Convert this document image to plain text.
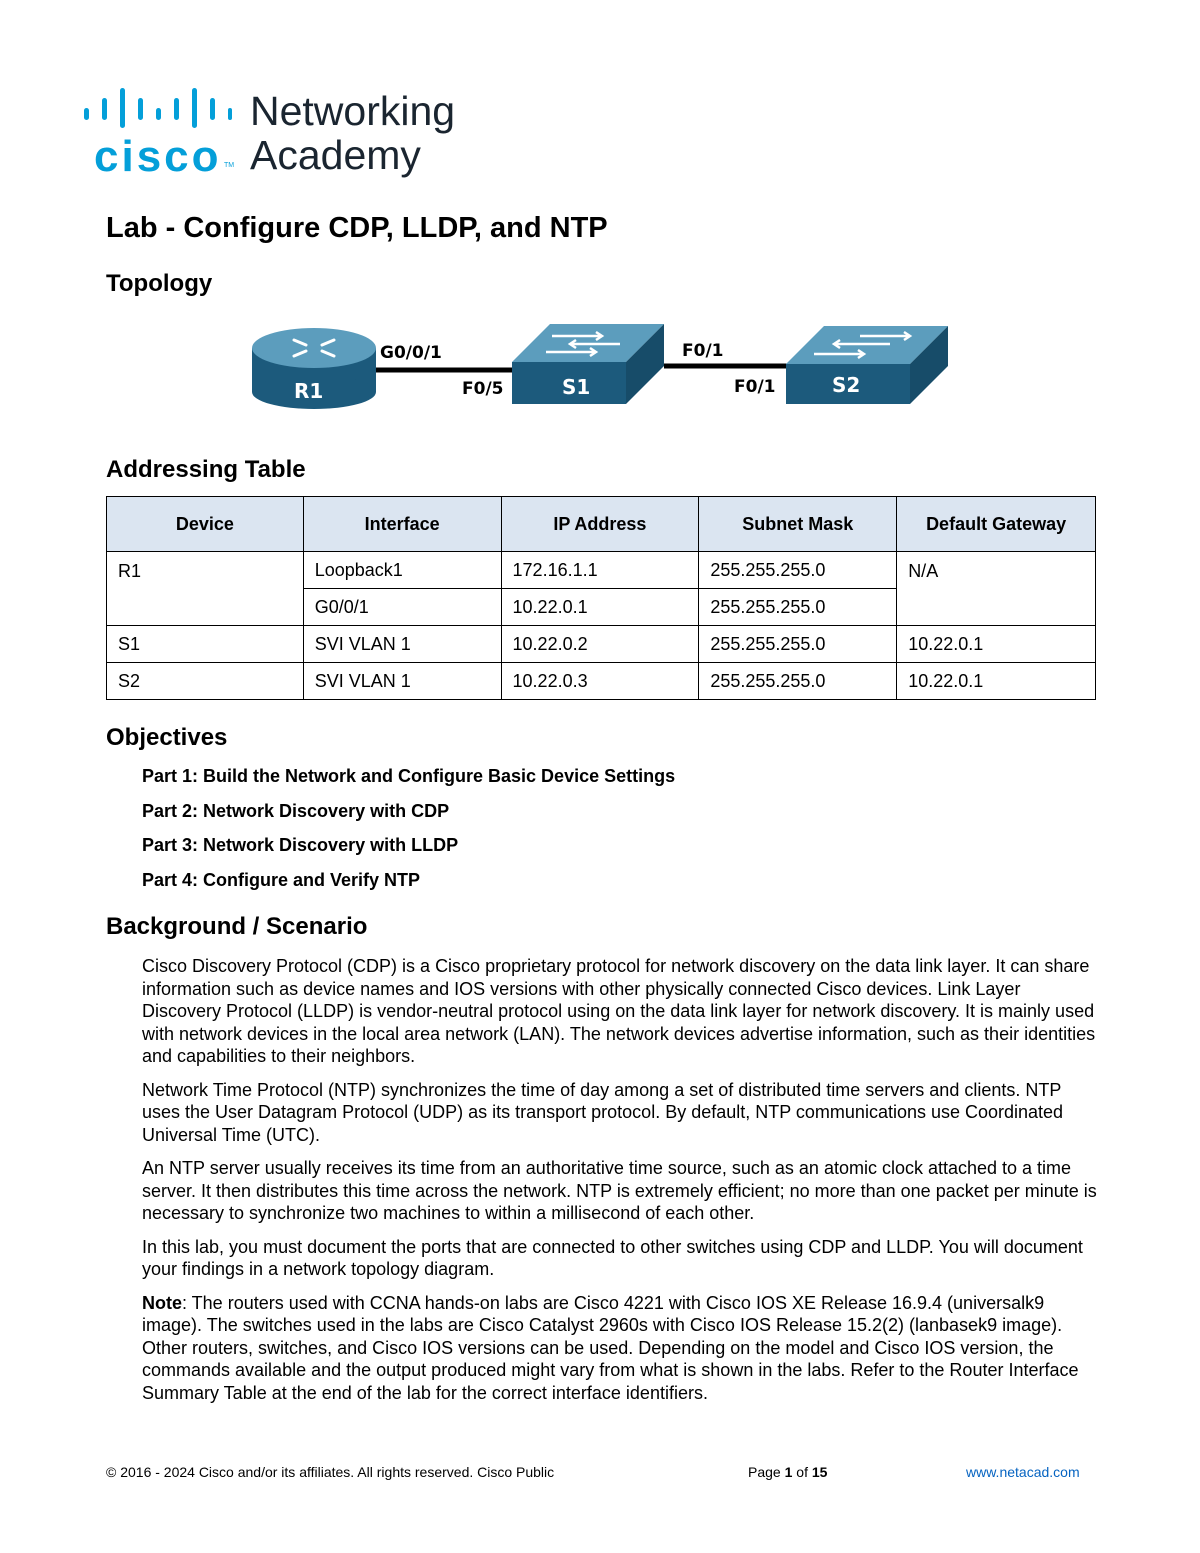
cisco TM
Networking
Academy
Lab - Configure CDP, LLDP, and NTP
Topology
R1	S1	S2
G0/0/1
F0/5
F0/1
F0/1
Addressing Table
Device	Interface	IP Address	Subnet Mask	Default Gateway
R1	Loopback1	172.16.1.1	255.255.255.0	N/A
	G0/0/1	10.22.0.1	255.255.255.0	
S1	SVI VLAN 1	10.22.0.2	255.255.255.0	10.22.0.1
S2	SVI VLAN 1	10.22.0.3	255.255.255.0	10.22.0.1
Objectives
Part 1: Build the Network and Configure Basic Device Settings
Part 2: Network Discovery with CDP
Part 3: Network Discovery with LLDP
Part 4: Configure and Verify NTP
Background / Scenario

Cisco Discovery Protocol (CDP) is a Cisco proprietary protocol for network discovery on the data link layer. It can share information such as device names and IOS versions with other physically connected Cisco devices. Link Layer Discovery Protocol (LLDP) is vendor-neutral protocol using on the data link layer for network discovery. It is mainly used with network devices in the local area network (LAN). The network devices advertise information, such as their identities and capabilities to their neighbors.

Network Time Protocol (NTP) synchronizes the time of day among a set of distributed time servers and clients. NTP uses the User Datagram Protocol (UDP) as its transport protocol. By default, NTP communications use Coordinated Universal Time (UTC).

An NTP server usually receives its time from an authoritative time source, such as an atomic clock attached to a time server. It then distributes this time across the network. NTP is extremely efficient; no more than one packet per minute is necessary to synchronize two machines to within a millisecond of each other.

In this lab, you must document the ports that are connected to other switches using CDP and LLDP. You will document your findings in a network topology diagram.

Note: The routers used with CCNA hands-on labs are Cisco 4221 with Cisco IOS XE Release 16.9.4 (universalk9 image). The switches used in the labs are Cisco Catalyst 2960s with Cisco IOS Release 15.2(2) (lanbasek9 image). Other routers, switches, and Cisco IOS versions can be used. Depending on the model and Cisco IOS version, the commands available and the output produced might vary from what is shown in the labs. Refer to the Router Interface Summary Table at the end of the lab for the correct interface identifiers.

© 2016 - 2024 Cisco and/or its affiliates. All rights reserved. Cisco Public	Page 1 of 15	www.netacad.com
